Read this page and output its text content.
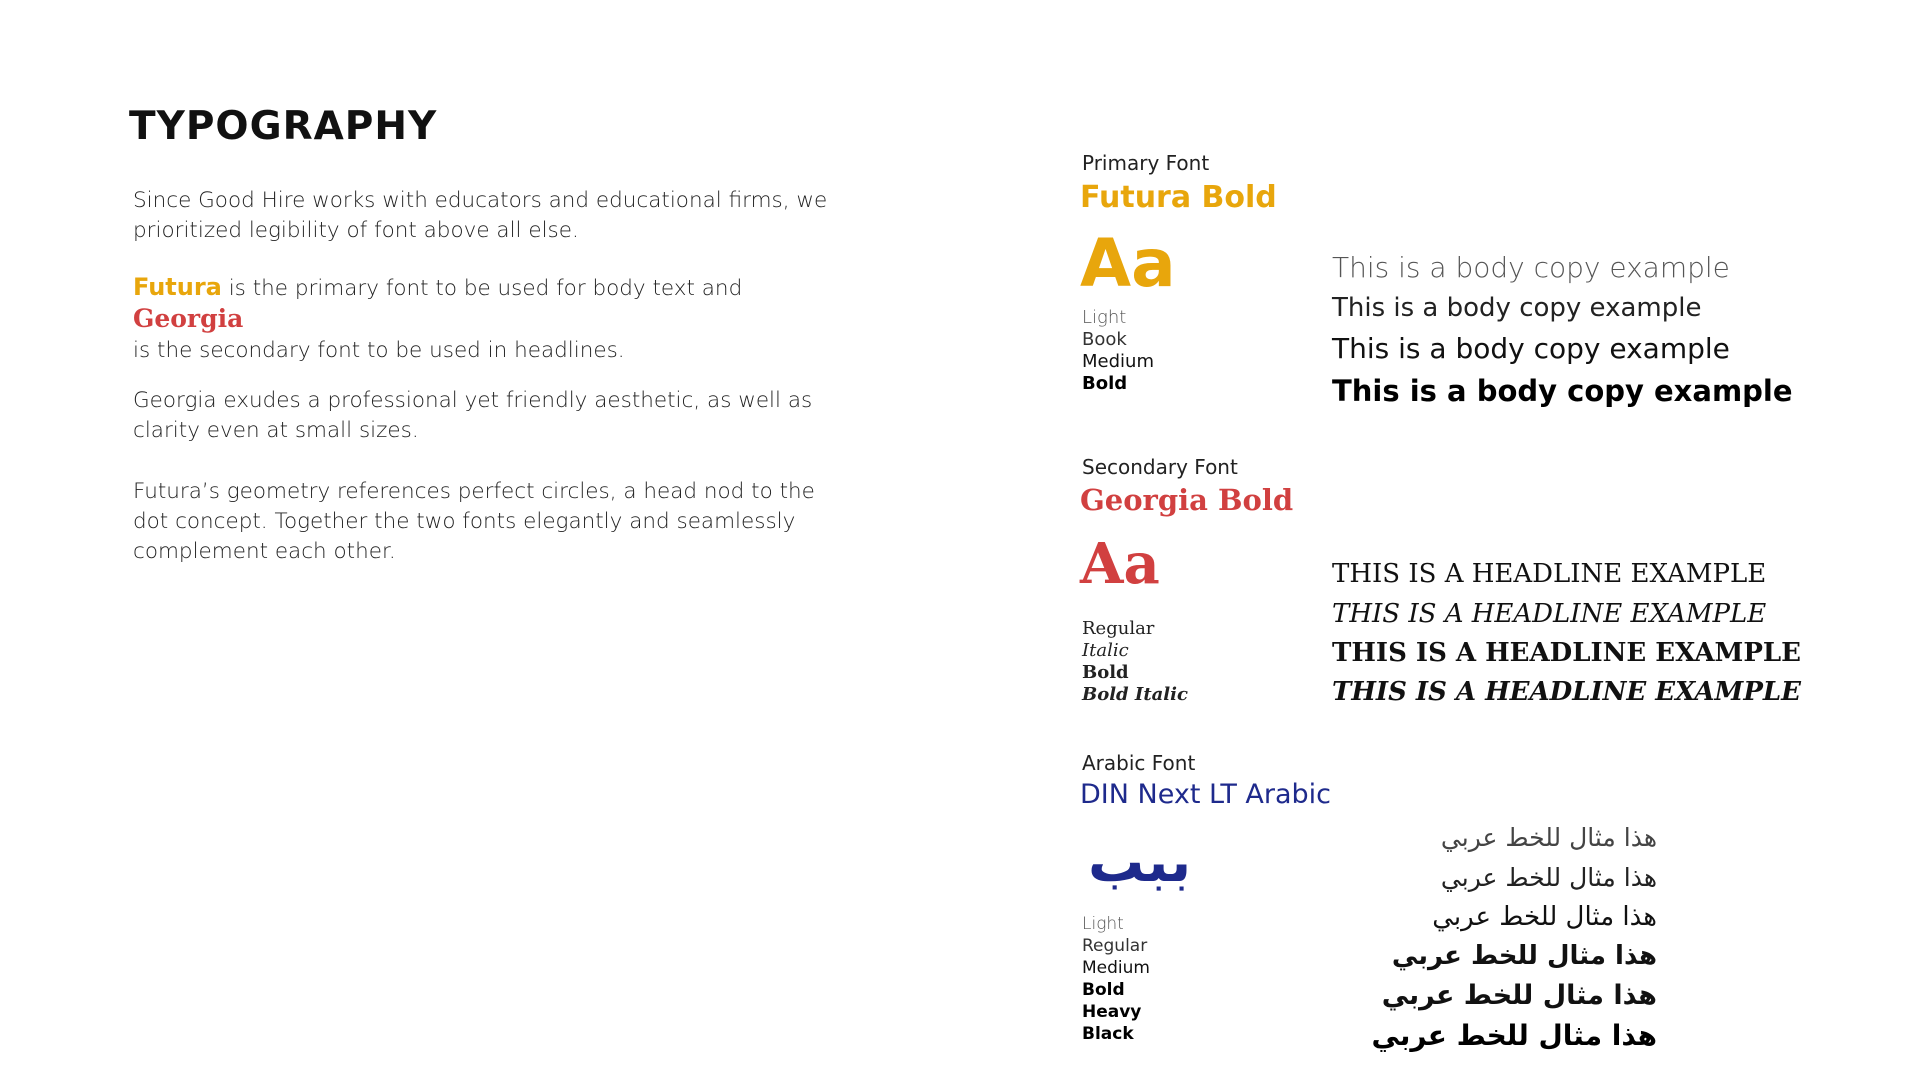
TYPOGRAPHY

Since Good Hire works with educators and educational firms, we prioritized legibility of font above all else.

Futura is the primary font to be used for body text and Georgia
is the secondary font to be used in headlines.

Georgia exudes a professional yet friendly aesthetic, as well as clarity even at small sizes.

Futura’s geometry references perfect circles, a head nod to the dot concept. Together the two fonts elegantly and seamlessly complement each other.

Primary Font
Futura Bold
Aa
Light
Book
Medium
Bold
This is a body copy example
This is a body copy example
This is a body copy example
This is a body copy example
Secondary Font
Georgia Bold
Aa
Regular
Italic
Bold
Bold Italic
THIS IS A HEADLINE EXAMPLE
THIS IS A HEADLINE EXAMPLE
THIS IS A HEADLINE EXAMPLE
THIS IS A HEADLINE EXAMPLE
Arabic Font
DIN Next LT Arabic
ببب
Light
Regular
Medium
Bold
Heavy
Black
هذا مثال للخط عربي
هذا مثال للخط عربي
هذا مثال للخط عربي
هذا مثال للخط عربي
هذا مثال للخط عربي
هذا مثال للخط عربي
